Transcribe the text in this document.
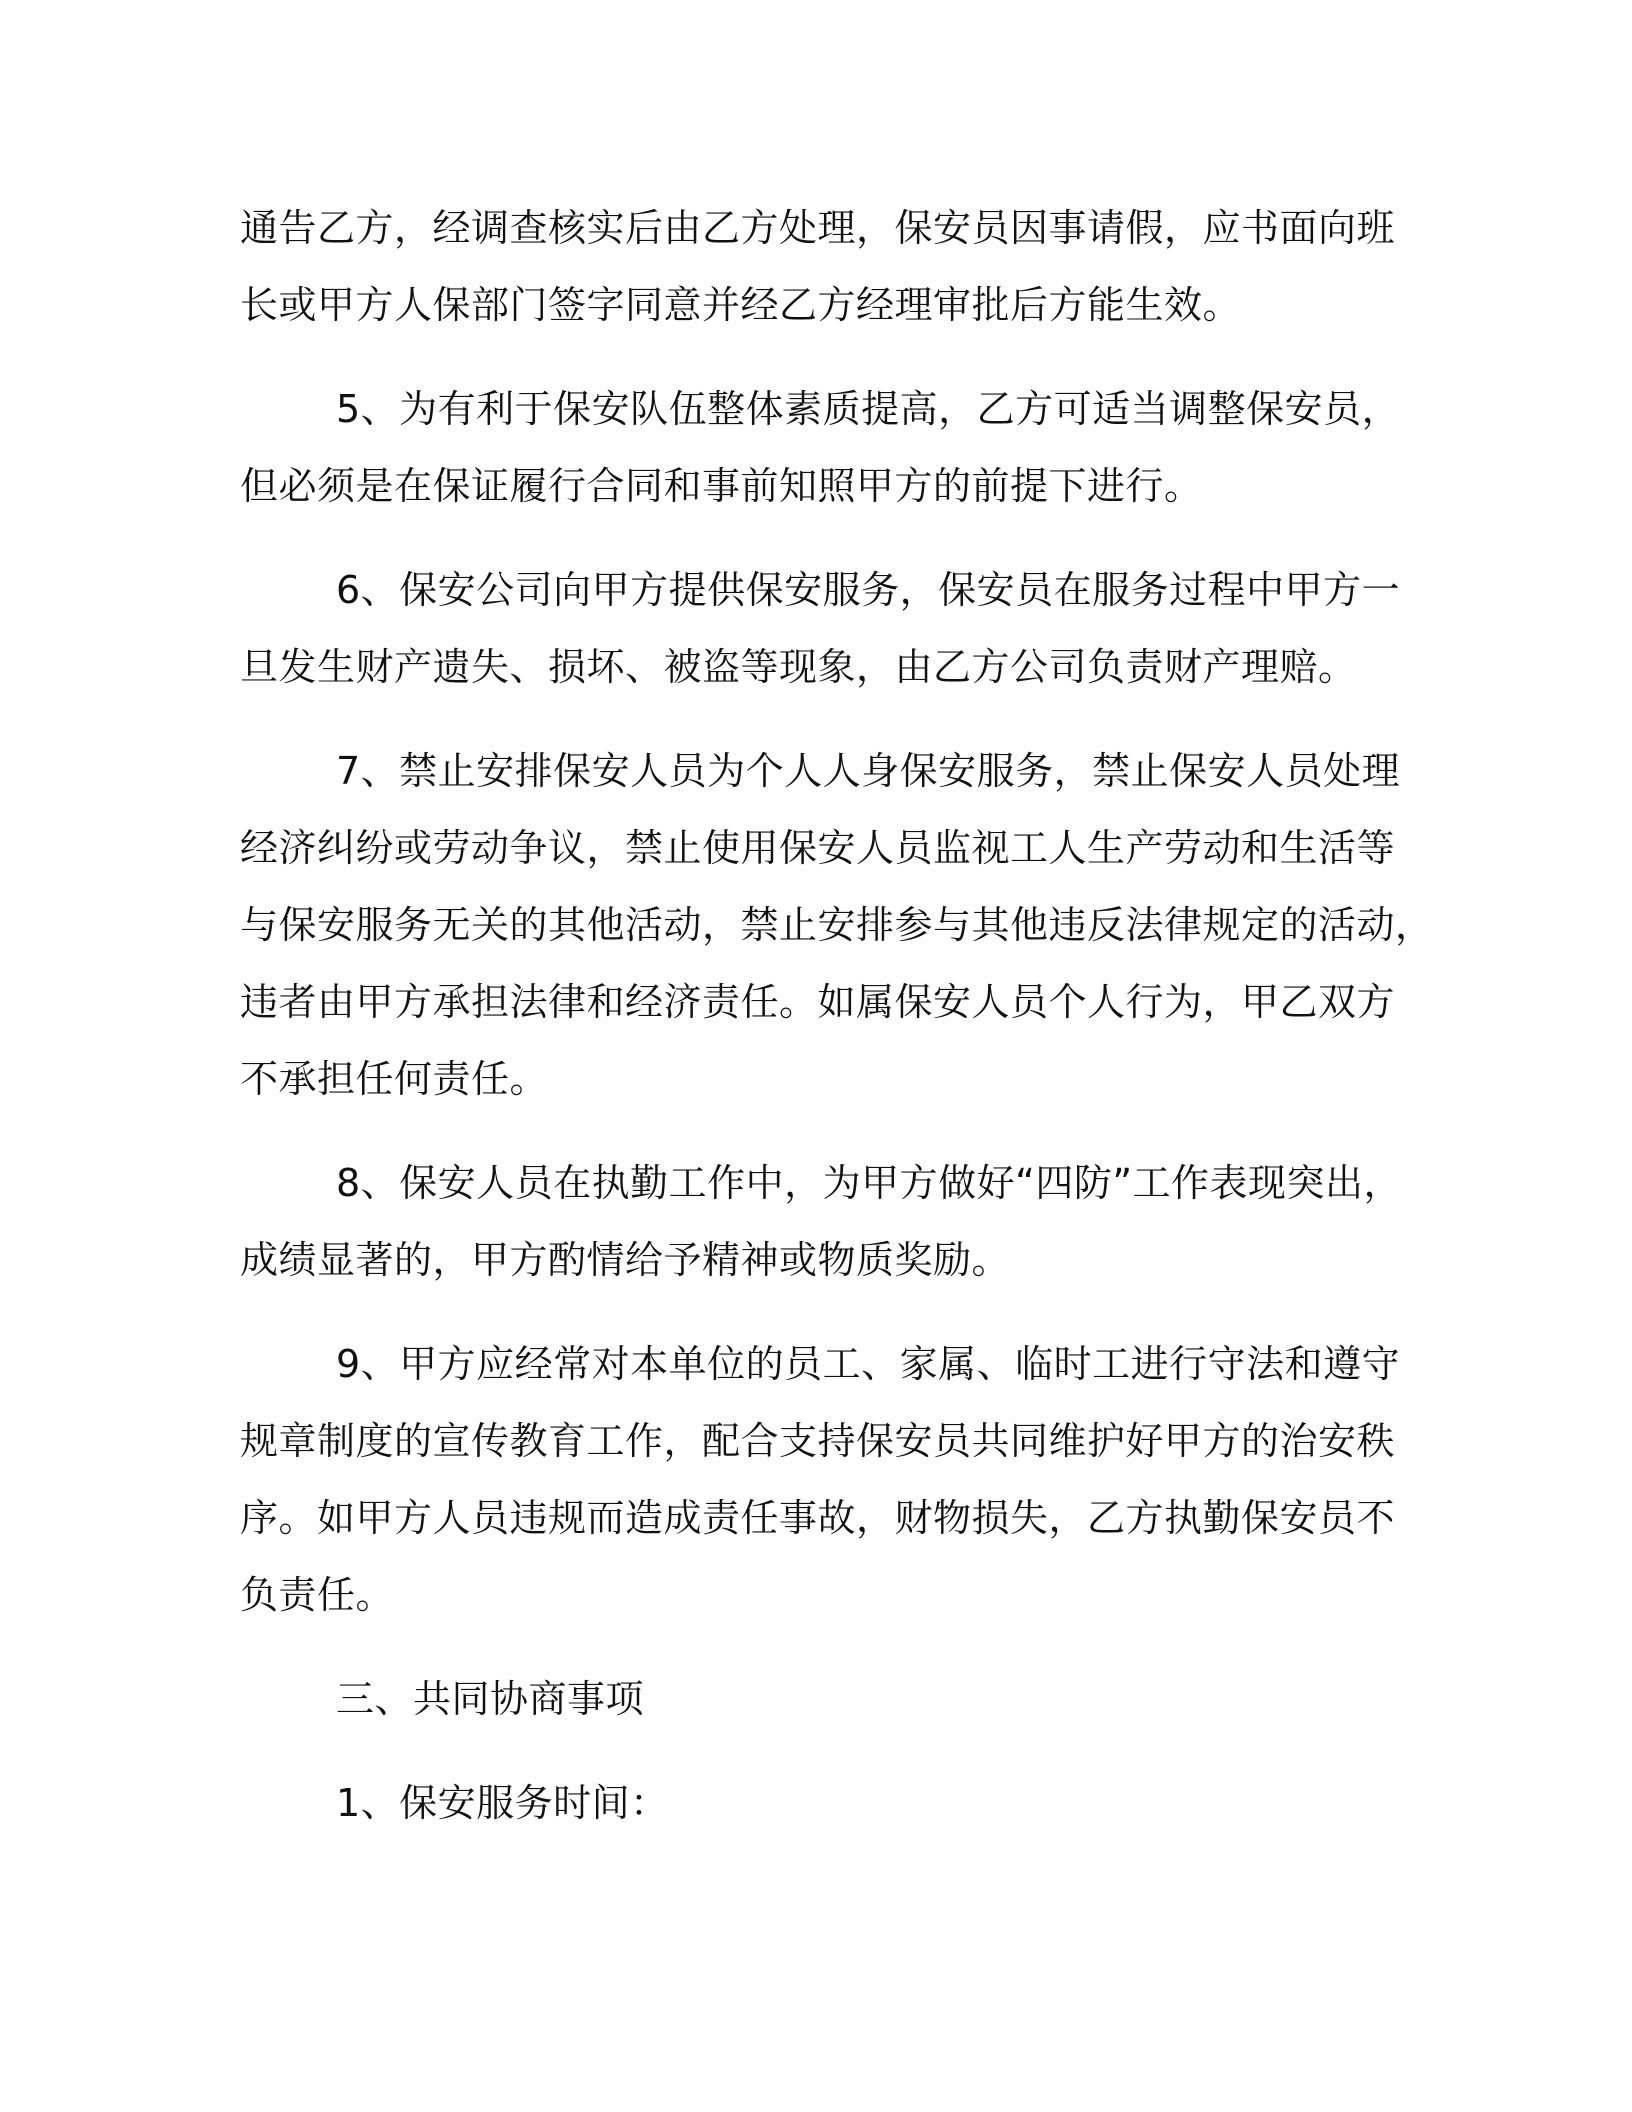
通告乙方，经调查核实后由乙方处理，保安员因事请假，应书面向班
长或甲方人保部门签字同意并经乙方经理审批后方能生效。

5、为有利于保安队伍整体素质提高，乙方可适当调整保安员，
但必须是在保证履行合同和事前知照甲方的前提下进行。

6、保安公司向甲方提供保安服务，保安员在服务过程中甲方一
旦发生财产遗失、损坏、被盗等现象，由乙方公司负责财产理赔。

7、禁止安排保安人员为个人人身保安服务，禁止保安人员处理
经济纠纷或劳动争议，禁止使用保安人员监视工人生产劳动和生活等
与保安服务无关的其他活动，禁止安排参与其他违反法律规定的活动，
违者由甲方承担法律和经济责任。如属保安人员个人行为，甲乙双方
不承担任何责任。

8、保安人员在执勤工作中，为甲方做好“四防”工作表现突出，
成绩显著的，甲方酌情给予精神或物质奖励。

9、甲方应经常对本单位的员工、家属、临时工进行守法和遵守
规章制度的宣传教育工作，配合支持保安员共同维护好甲方的治安秩
序。如甲方人员违规而造成责任事故，财物损失，乙方执勤保安员不
负责任。

三、共同协商事项

1、保安服务时间：
